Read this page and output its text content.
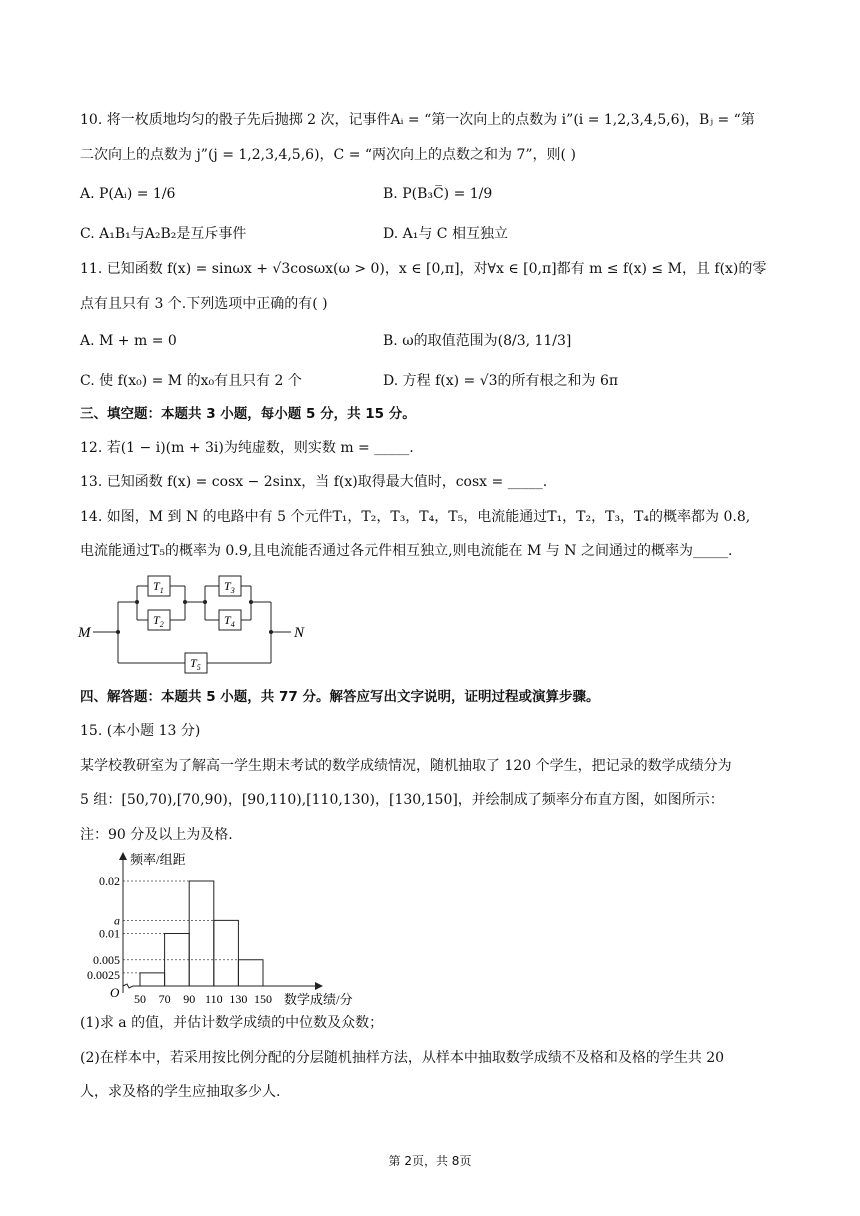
10. 将一枚质地均匀的骰子先后抛掷 2 次，记事件Aᵢ = “第一次向上的点数为 i”(i = 1,2,3,4,5,6)，Bⱼ = “第
二次向上的点数为 j”(j = 1,2,3,4,5,6)，C = “两次向上的点数之和为 7”，则( )
A. P(Aᵢ) = 1/6	B. P(B₃C̅) = 1/9
C. A₁B₁与A₂B₂是互斥事件	D. A₁与 C 相互独立
11. 已知函数 f(x) = sinωx + √3cosωx(ω > 0)，x ∈ [0,π]，对∀x ∈ [0,π]都有 m ≤ f(x) ≤ M，且 f(x)的零
点有且只有 3 个.下列选项中正确的有( )
A. M + m = 0	B. ω的取值范围为(8/3, 11/3]
C. 使 f(x₀) = M 的x₀有且只有 2 个	D. 方程 f(x) = √3的所有根之和为 6π
三、填空题：本题共 3 小题，每小题 5 分，共 15 分。
12. 若(1 − i)(m + 3i)为纯虚数，则实数 m = _____.
13. 已知函数 f(x) = cosx − 2sinx，当 f(x)取得最大值时，cosx = _____.
14. 如图，M 到 N 的电路中有 5 个元件T₁，T₂，T₃，T₄，T₅，电流能通过T₁，T₂，T₃，T₄的概率都为 0.8,
电流能通过T₅的概率为 0.9,且电流能否通过各元件相互独立,则电流能在 M 与 N 之间通过的概率为_____.
M	N
$T_1$
$T_2$
$T_3$
$T_4$
$T_5$
四、解答题：本题共 5 小题，共 77 分。解答应写出文字说明，证明过程或演算步骤。
15. (本小题 13 分)
某学校教研室为了解高一学生期末考试的数学成绩情况，随机抽取了 120 个学生，把记录的数学成绩分为
5 组：[50,70),[70,90)，[90,110),[110,130)，[130,150]，并绘制成了频率分布直方图，如图所示：
注：90 分及以上为及格.
0.02
a
0.01
0.005
0.0025
50 70 90 110 130 150
频率/组距
数学成绩/分
O
(1)求 a 的值，并估计数学成绩的中位数及众数；
(2)在样本中，若采用按比例分配的分层随机抽样方法，从样本中抽取数学成绩不及格和及格的学生共 20
人，求及格的学生应抽取多少人.
第 2页，共 8页
